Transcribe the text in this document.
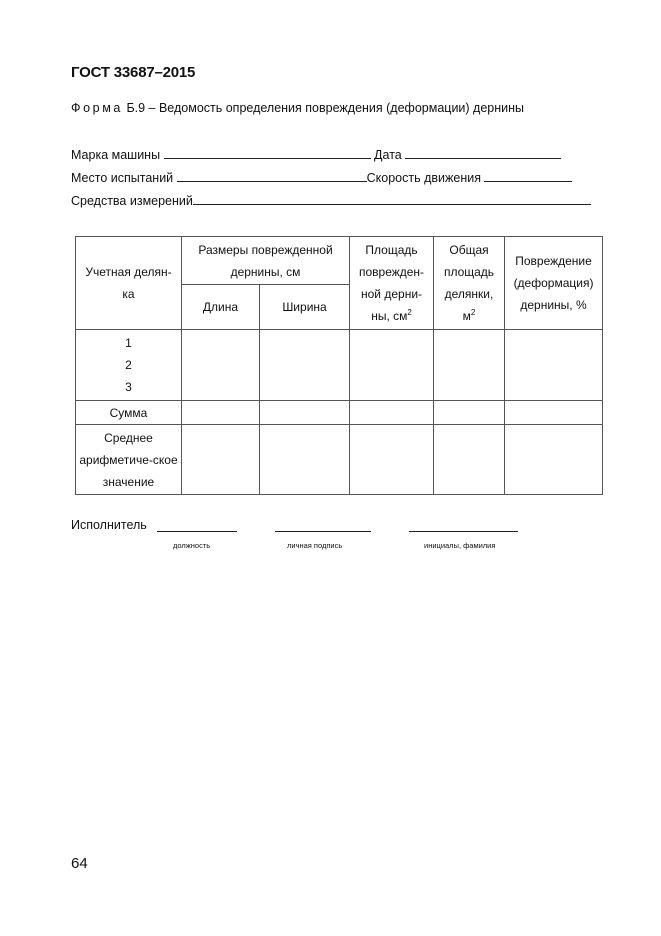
ГОСТ 33687–2015
Форма Б.9 – Ведомость определения повреждения (деформации) дернины
Марка машины	Дата
Место испытаний	Скорость движения
Средства измерений
Учетная делян-ка	Размеры поврежденной дернины, см		Площадь поврежден-ной дерни-ны, $см^2$	Общая площадь делянки, $м^2$	Повреждение (деформация) дернины, %
	Длина	Ширина			

1
2
3					

Сумма					
Среднее арифметиче-ское значение					
Исполнитель
должность	личная подпись	инициалы, фамилия
64
